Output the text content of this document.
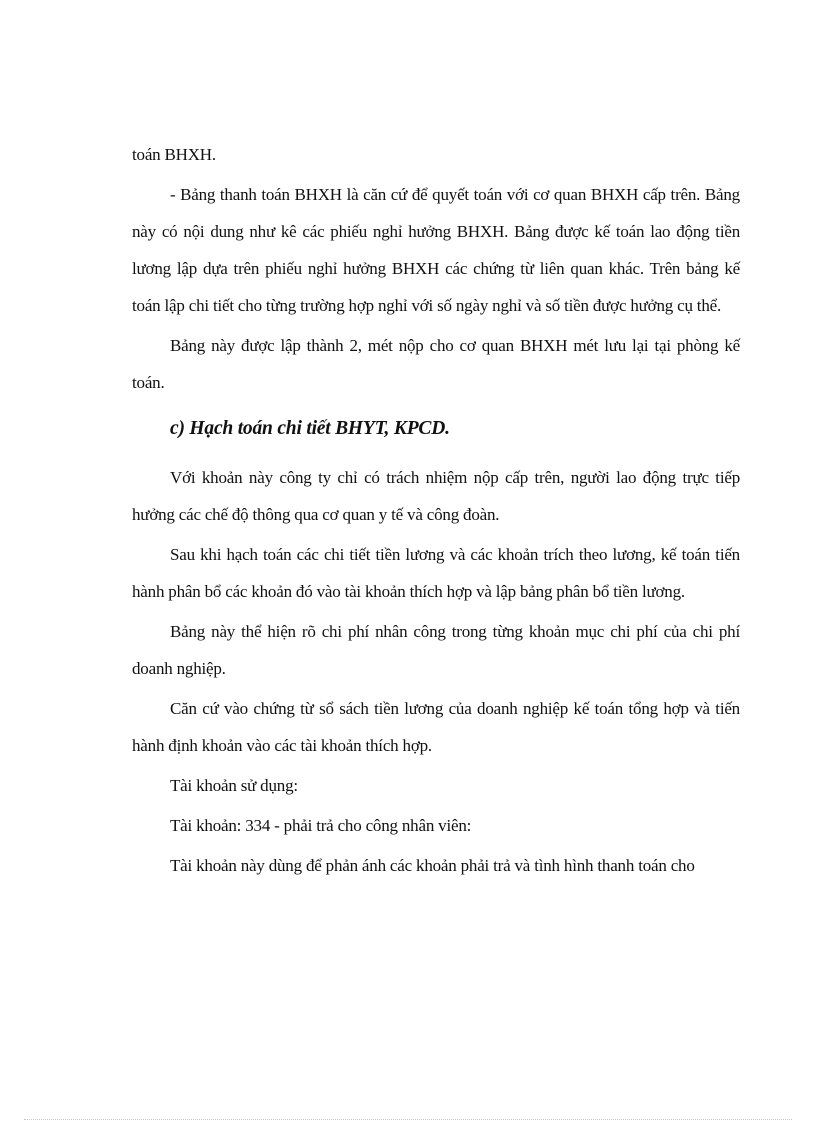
toán BHXH.

- Bảng thanh toán BHXH là căn cứ để quyết toán với cơ quan BHXH cấp trên. Bảng này có nội dung như kê các phiếu nghỉ hưởng BHXH. Bảng được kế toán lao động tiền lương lập dựa trên phiếu nghỉ hưởng BHXH các chứng từ liên quan khác. Trên bảng kế toán lập chi tiết cho từng trường hợp nghỉ với số ngày nghỉ và số tiền được hưởng cụ thể.

Bảng này được lập thành 2, mét nộp cho cơ quan BHXH mét lưu lại tại phòng kế toán.

c) Hạch toán chi tiết BHYT, KPCD.

Với khoản này công ty chỉ có trách nhiệm nộp cấp trên, người lao động trực tiếp hưởng các chế độ thông qua cơ quan y tế và công đoàn.

Sau khi hạch toán các chi tiết tiền lương và các khoản trích theo lương, kế toán tiến hành phân bổ các khoản đó vào tài khoản thích hợp và lập bảng phân bổ tiền lương.

Bảng này thể hiện rõ chi phí nhân công trong từng khoản mục chi phí của chi phí doanh nghiệp.

Căn cứ vào chứng từ sổ sách tiền lương của doanh nghiệp kế toán tổng hợp và tiến hành định khoản vào các tài khoản thích hợp.

Tài khoản sử dụng:

Tài khoản: 334 - phải trả cho công nhân viên:

Tài khoản này dùng để phản ánh các khoản phải trả và tình hình thanh toán cho
